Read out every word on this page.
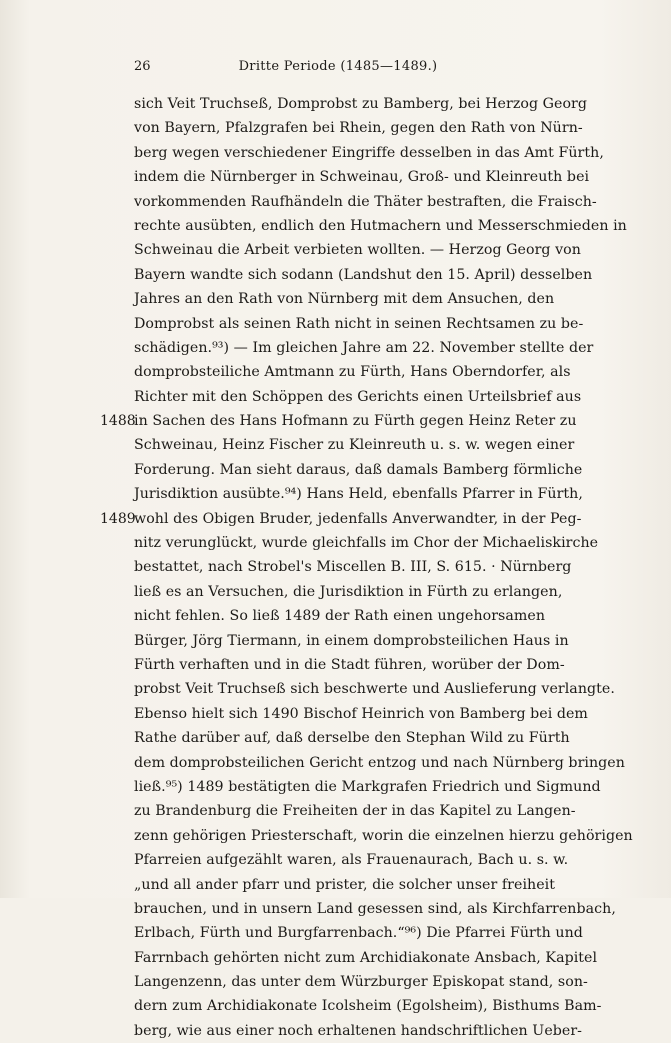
26	Dritte Periode (1485—1489.)
1488
1489
sich Veit Truchseß, Domprobst zu Bamberg, bei Herzog Georg
von Bayern, Pfalzgrafen bei Rhein, gegen den Rath von Nürn-
berg wegen verschiedener Eingriffe desselben in das Amt Fürth,
indem die Nürnberger in Schweinau, Groß- und Kleinreuth bei
vorkommenden Raufhändeln die Thäter bestraften, die Fraisch-
rechte ausübten, endlich den Hutmachern und Messerschmieden in
Schweinau die Arbeit verbieten wollten. — Herzog Georg von
Bayern wandte sich sodann (Landshut den 15. April) desselben
Jahres an den Rath von Nürnberg mit dem Ansuchen, den
Domprobst als seinen Rath nicht in seinen Rechtsamen zu be-
schädigen.⁹³) — Im gleichen Jahre am 22. November stellte der
domprobsteiliche Amtmann zu Fürth, Hans Oberndorfer, als
Richter mit den Schöppen des Gerichts einen Urteilsbrief aus
in Sachen des Hans Hofmann zu Fürth gegen Heinz Reter zu
Schweinau, Heinz Fischer zu Kleinreuth u. s. w. wegen einer
Forderung. Man sieht daraus, daß damals Bamberg förmliche
Jurisdiktion ausübte.⁹⁴) Hans Held, ebenfalls Pfarrer in Fürth,
wohl des Obigen Bruder, jedenfalls Anverwandter, in der Peg-
nitz verunglückt, wurde gleichfalls im Chor der Michaeliskirche
bestattet, nach Strobel's Miscellen B. III, S. 615. · Nürnberg
ließ es an Versuchen, die Jurisdiktion in Fürth zu erlangen,
nicht fehlen. So ließ 1489 der Rath einen ungehorsamen
Bürger, Jörg Tiermann, in einem domprobsteilichen Haus in
Fürth verhaften und in die Stadt führen, worüber der Dom-
probst Veit Truchseß sich beschwerte und Auslieferung verlangte.
Ebenso hielt sich 1490 Bischof Heinrich von Bamberg bei dem
Rathe darüber auf, daß derselbe den Stephan Wild zu Fürth
dem domprobsteilichen Gericht entzog und nach Nürnberg bringen
ließ.⁹⁵) 1489 bestätigten die Markgrafen Friedrich und Sigmund
zu Brandenburg die Freiheiten der in das Kapitel zu Langen-
zenn gehörigen Priesterschaft, worin die einzelnen hierzu gehörigen
Pfarreien aufgezählt waren, als Frauenaurach, Bach u. s. w.
„und all ander pfarr und prister, die solcher unser freiheit
brauchen, und in unsern Land gesessen sind, als Kirchfarrenbach,
Erlbach, Fürth und Burgfarrenbach.“⁹⁶) Die Pfarrei Fürth und
Farrnbach gehörten nicht zum Archidiakonate Ansbach, Kapitel
Langenzenn, das unter dem Würzburger Episkopat stand, son-
dern zum Archidiakonate Icolsheim (Egolsheim), Bisthums Bam-
berg, wie aus einer noch erhaltenen handschriftlichen Ueber-
